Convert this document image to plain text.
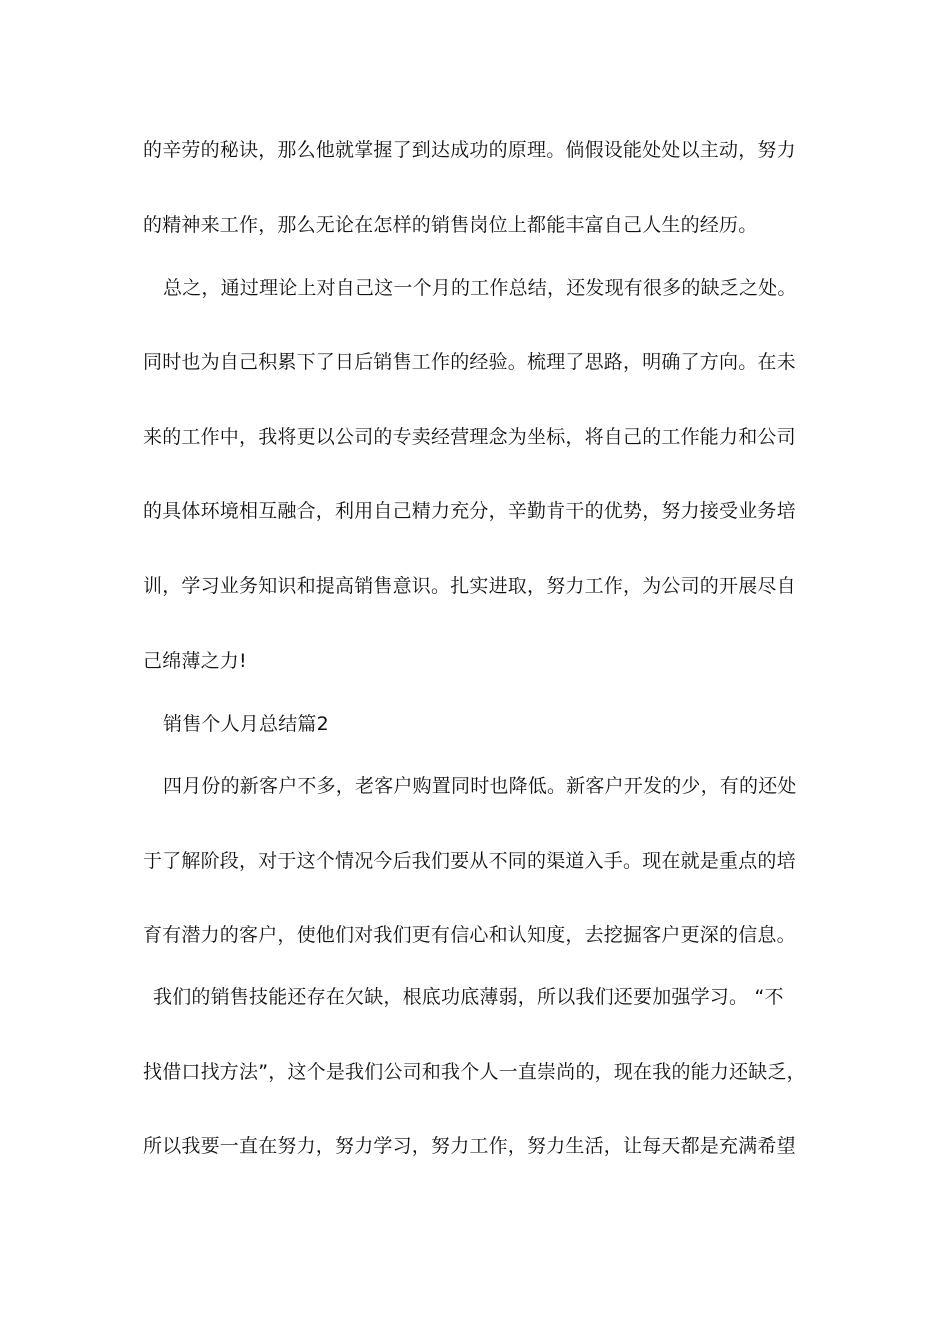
的辛劳的秘诀，那么他就掌握了到达成功的原理。倘假设能处处以主动，努力
的精神来工作，那么无论在怎样的销售岗位上都能丰富自己人生的经历。
总之，通过理论上对自己这一个月的工作总结，还发现有很多的缺乏之处。
同时也为自己积累下了日后销售工作的经验。梳理了思路，明确了方向。在未
来的工作中，我将更以公司的专卖经营理念为坐标，将自己的工作能力和公司
的具体环境相互融合，利用自己精力充分，辛勤肯干的优势，努力接受业务培
训，学习业务知识和提高销售意识。扎实进取，努力工作，为公司的开展尽自
己绵薄之力!
销售个人月总结篇2
四月份的新客户不多，老客户购置同时也降低。新客户开发的少，有的还处
于了解阶段，对于这个情况今后我们要从不同的渠道入手。现在就是重点的培
育有潜力的客户，使他们对我们更有信心和认知度，去挖掘客户更深的信息。
我们的销售技能还存在欠缺，根底功底薄弱，所以我们还要加强学习。 “不
找借口找方法”，这个是我们公司和我个人一直崇尚的，现在我的能力还缺乏，
所以我要一直在努力，努力学习，努力工作，努力生活，让每天都是充满希望
